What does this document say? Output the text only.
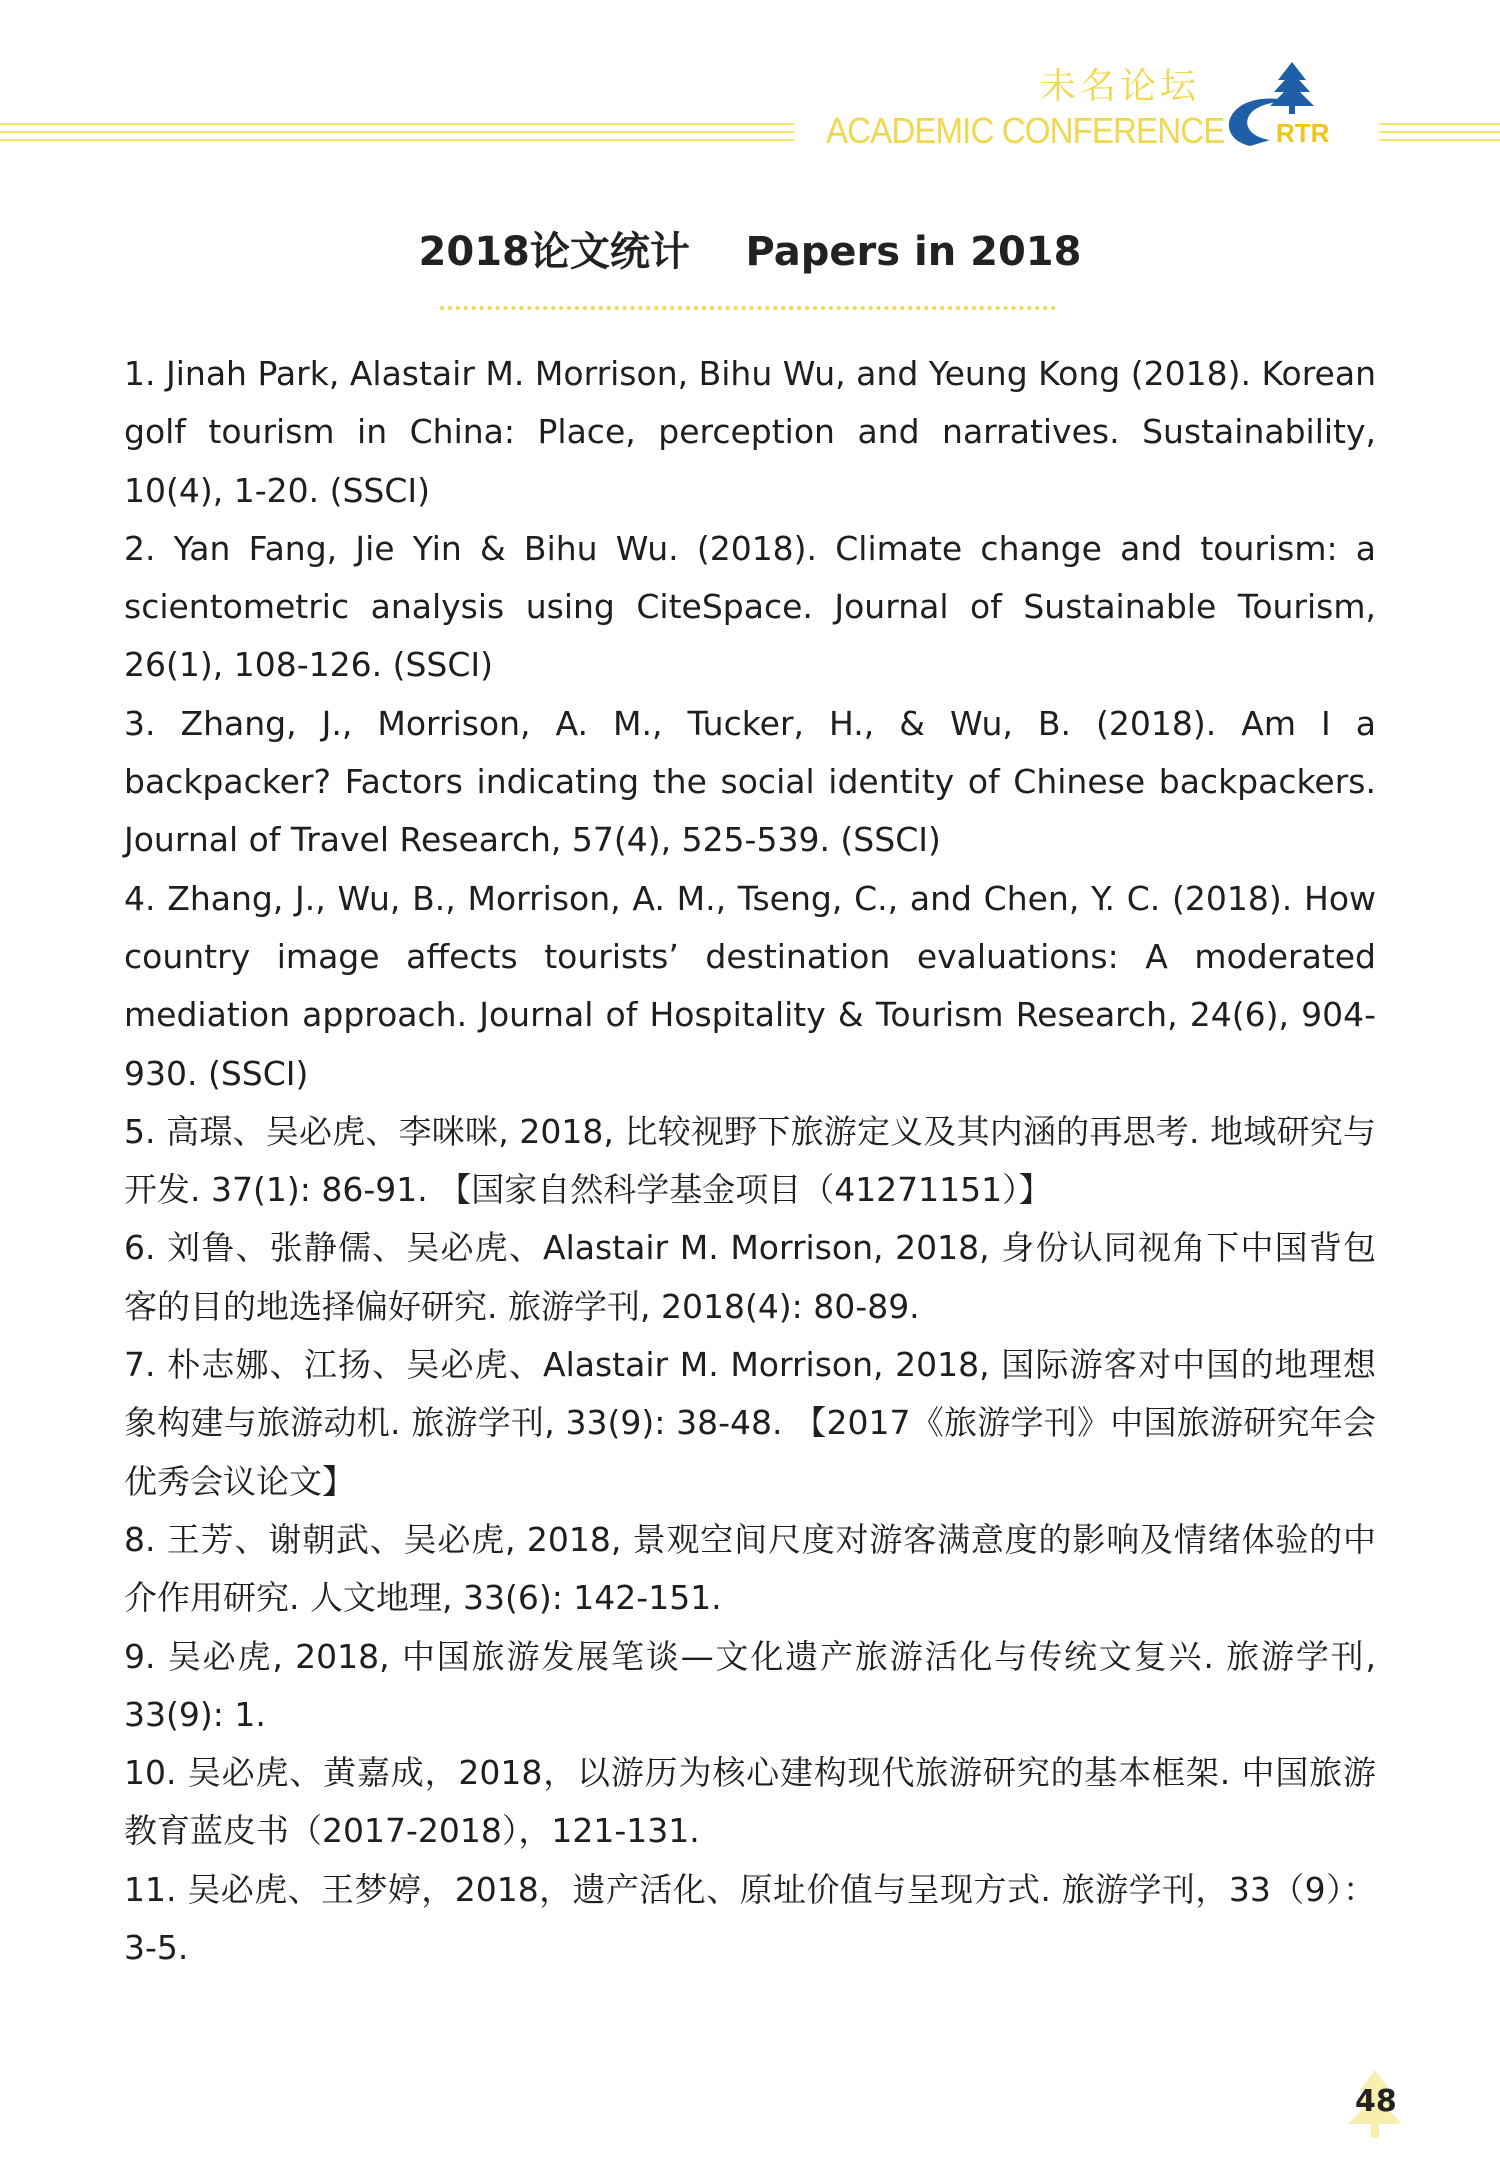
未名论坛
ACADEMIC CONFERENCE RTR
2018论文统计    Papers in 2018

1. Jinah Park, Alastair M. Morrison, Bihu Wu, and Yeung Kong (2018). Korean golf tourism in China: Place, perception and narratives. Sustainability, 10(4), 1-20. (SSCI)

2. Yan Fang, Jie Yin & Bihu Wu. (2018). Climate change and tourism: a scientometric analysis using CiteSpace. Journal of Sustainable Tourism, 26(1), 108-126. (SSCI)

3. Zhang, J., Morrison, A. M., Tucker, H., & Wu, B. (2018). Am I a backpacker? Factors indicating the social identity of Chinese backpackers. Journal of Travel Research, 57(4), 525-539. (SSCI)

4. Zhang, J., Wu, B., Morrison, A. M., Tseng, C., and Chen, Y. C. (2018). How country image affects tourists’ destination evaluations: A moderated mediation approach. Journal of Hospitality & Tourism Research, 24(6), 904-930. (SSCI)

5. 高璟、吴必虎、李咪咪, 2018, 比较视野下旅游定义及其内涵的再思考. 地域研究与开发. 37(1): 86-91. 【国家自然科学基金项目（41271151）】

6. 刘鲁、张静儒、吴必虎、Alastair M. Morrison, 2018, 身份认同视角下中国背包客的目的地选择偏好研究. 旅游学刊, 2018(4): 80-89.

7. 朴志娜、江扬、吴必虎、Alastair M. Morrison, 2018, 国际游客对中国的地理想象构建与旅游动机. 旅游学刊, 33(9): 38-48. 【2017《旅游学刊》中国旅游研究年会优秀会议论文】

8. 王芳、谢朝武、吴必虎, 2018, 景观空间尺度对游客满意度的影响及情绪体验的中介作用研究. 人文地理, 33(6): 142-151.

9. 吴必虎, 2018, 中国旅游发展笔谈—文化遗产旅游活化与传统文复兴. 旅游学刊, 33(9): 1.

10. 吴必虎、黄嘉成，2018，以游历为核心建构现代旅游研究的基本框架. 中国旅游教育蓝皮书（2017-2018），121-131.

11. 吴必虎、王梦婷，2018，遗产活化、原址价值与呈现方式. 旅游学刊，33（9）：3-5.

48
